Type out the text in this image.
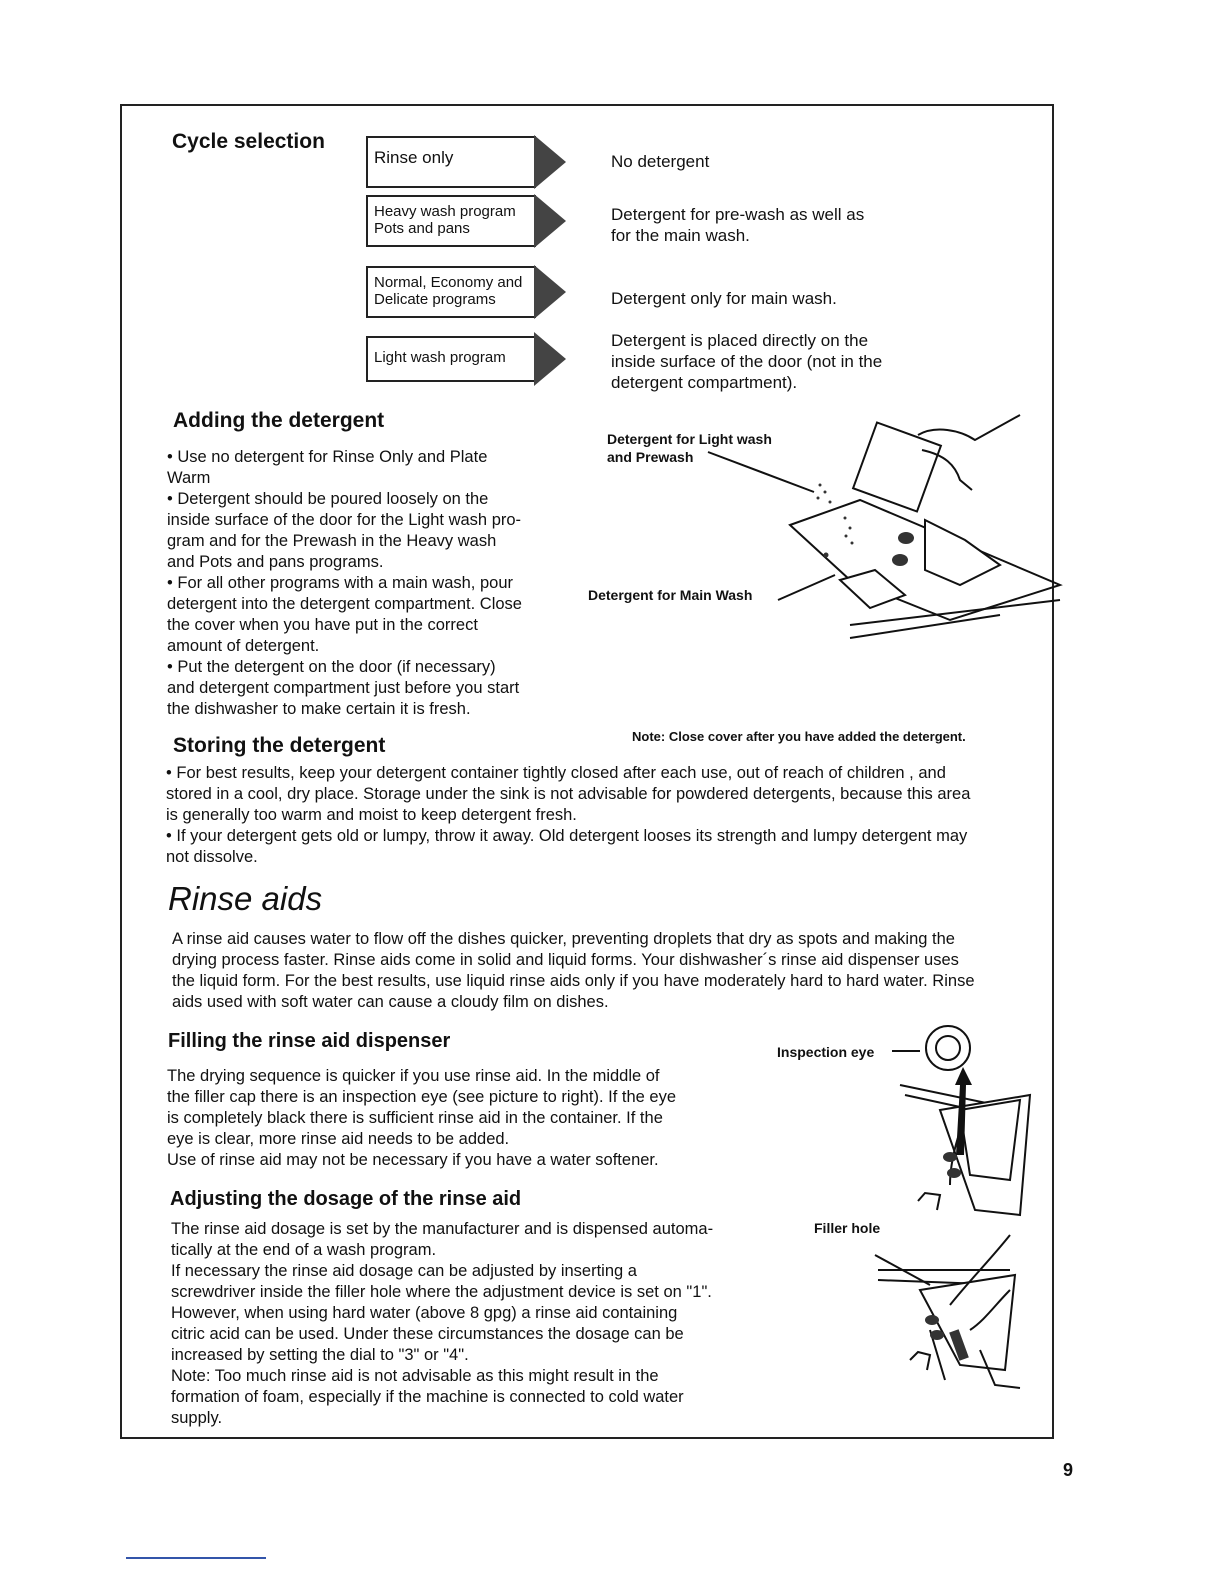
Cycle selection
Rinse only
Heavy wash program
Pots and pans
Normal, Economy and
Delicate programs
Light wash program
No detergent
Detergent for pre-wash as well as
for the main wash.
Detergent only for main wash.
Detergent is placed directly on the
inside surface of the door (not in the
detergent compartment).
Adding the detergent

• Use no detergent for Rinse Only and Plate

Warm

• Detergent should be poured loosely on the

inside surface of the door for the Light wash pro-

gram and for the Prewash in the Heavy wash

and Pots and pans programs.

• For all other programs with a main wash, pour

detergent into the detergent compartment. Close

the cover when you have put in the correct

amount of detergent.

• Put the detergent on the door (if necessary)

and detergent compartment just before you start

the dishwasher to make certain it is fresh.

Detergent for Light wash
and Prewash
Detergent for Main Wash
Note: Close cover after you have added the detergent.
Storing the detergent

• For best results, keep your detergent container tightly closed after each use, out of reach of children , and

stored in a cool, dry place. Storage under the sink is not advisable for powdered detergents, because this area

is generally too warm and moist to keep detergent fresh.

• If your detergent gets old or lumpy, throw it away. Old detergent looses its strength and lumpy detergent may

not dissolve.

Rinse aids

A rinse aid causes water to flow off the dishes quicker, preventing droplets that dry as spots and making the

drying process faster. Rinse aids come in solid and liquid forms. Your dishwasher´s rinse aid dispenser uses

the liquid form. For the best results, use liquid rinse aids only if you have moderately hard to hard water. Rinse

aids used with soft water can cause a cloudy film on dishes.

Filling the rinse aid dispenser

The drying sequence is quicker if you use rinse aid. In the middle of

the filler cap there is an inspection eye (see picture to right). If the eye

is completely black there is sufficient rinse aid in the container. If the

eye is clear, more rinse aid needs to be added.

Use of rinse aid may not be necessary if you have a water softener.

Adjusting the dosage of the rinse aid

The rinse aid dosage is set by the manufacturer and is dispensed automa-

tically at the end of a wash program.

If necessary the rinse aid dosage can be adjusted by inserting a

screwdriver inside the filler hole where the adjustment device is set on "1".

However, when using hard water (above 8 gpg) a rinse aid containing

citric acid can be used. Under these circumstances the dosage can be

increased by setting the dial to "3" or "4".

Note: Too much rinse aid is not advisable as this might result in the

formation of foam, especially if the machine is connected to cold water

supply.

Inspection eye
Filler hole
9
